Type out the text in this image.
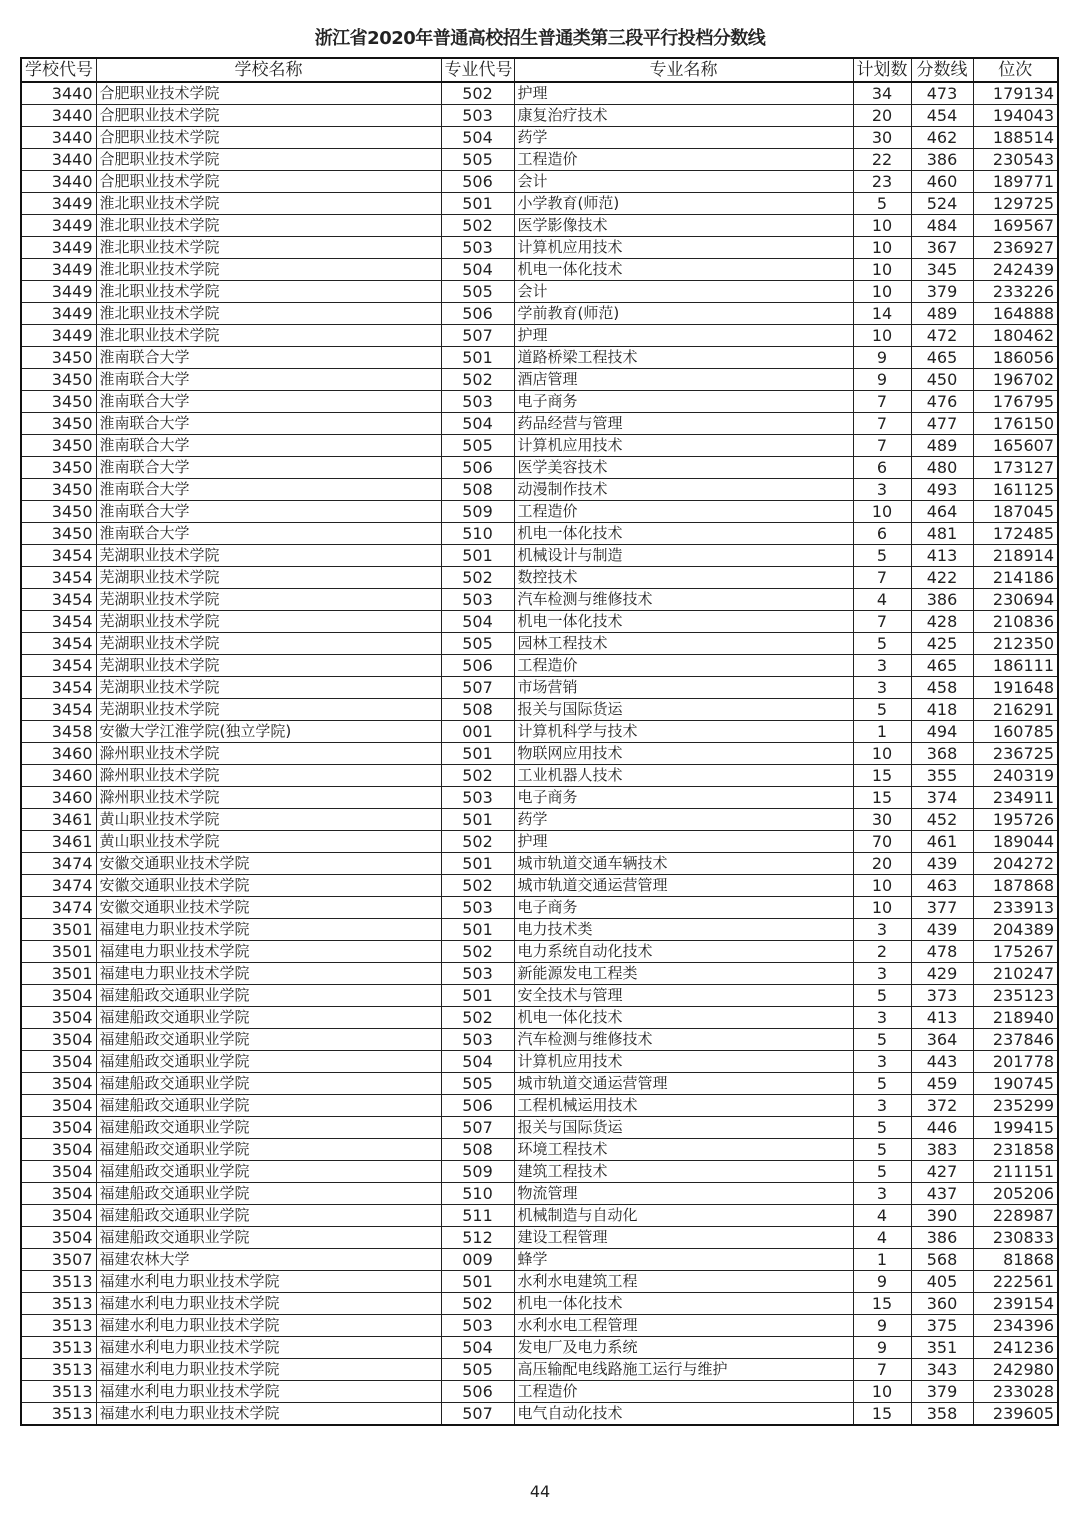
浙江省2020年普通高校招生普通类第三段平行投档分数线
学校代号	学校名称	专业代号	专业名称	计划数	分数线	位次
3440	合肥职业技术学院	502	护理	34	473	179134
3440	合肥职业技术学院	503	康复治疗技术	20	454	194043
3440	合肥职业技术学院	504	药学	30	462	188514
3440	合肥职业技术学院	505	工程造价	22	386	230543
3440	合肥职业技术学院	506	会计	23	460	189771
3449	淮北职业技术学院	501	小学教育(师范)	5	524	129725
3449	淮北职业技术学院	502	医学影像技术	10	484	169567
3449	淮北职业技术学院	503	计算机应用技术	10	367	236927
3449	淮北职业技术学院	504	机电一体化技术	10	345	242439
3449	淮北职业技术学院	505	会计	10	379	233226
3449	淮北职业技术学院	506	学前教育(师范)	14	489	164888
3449	淮北职业技术学院	507	护理	10	472	180462
3450	淮南联合大学	501	道路桥梁工程技术	9	465	186056
3450	淮南联合大学	502	酒店管理	9	450	196702
3450	淮南联合大学	503	电子商务	7	476	176795
3450	淮南联合大学	504	药品经营与管理	7	477	176150
3450	淮南联合大学	505	计算机应用技术	7	489	165607
3450	淮南联合大学	506	医学美容技术	6	480	173127
3450	淮南联合大学	508	动漫制作技术	3	493	161125
3450	淮南联合大学	509	工程造价	10	464	187045
3450	淮南联合大学	510	机电一体化技术	6	481	172485
3454	芜湖职业技术学院	501	机械设计与制造	5	413	218914
3454	芜湖职业技术学院	502	数控技术	7	422	214186
3454	芜湖职业技术学院	503	汽车检测与维修技术	4	386	230694
3454	芜湖职业技术学院	504	机电一体化技术	7	428	210836
3454	芜湖职业技术学院	505	园林工程技术	5	425	212350
3454	芜湖职业技术学院	506	工程造价	3	465	186111
3454	芜湖职业技术学院	507	市场营销	3	458	191648
3454	芜湖职业技术学院	508	报关与国际货运	5	418	216291
3458	安徽大学江淮学院(独立学院)	001	计算机科学与技术	1	494	160785
3460	滁州职业技术学院	501	物联网应用技术	10	368	236725
3460	滁州职业技术学院	502	工业机器人技术	15	355	240319
3460	滁州职业技术学院	503	电子商务	15	374	234911
3461	黄山职业技术学院	501	药学	30	452	195726
3461	黄山职业技术学院	502	护理	70	461	189044
3474	安徽交通职业技术学院	501	城市轨道交通车辆技术	20	439	204272
3474	安徽交通职业技术学院	502	城市轨道交通运营管理	10	463	187868
3474	安徽交通职业技术学院	503	电子商务	10	377	233913
3501	福建电力职业技术学院	501	电力技术类	3	439	204389
3501	福建电力职业技术学院	502	电力系统自动化技术	2	478	175267
3501	福建电力职业技术学院	503	新能源发电工程类	3	429	210247
3504	福建船政交通职业学院	501	安全技术与管理	5	373	235123
3504	福建船政交通职业学院	502	机电一体化技术	3	413	218940
3504	福建船政交通职业学院	503	汽车检测与维修技术	5	364	237846
3504	福建船政交通职业学院	504	计算机应用技术	3	443	201778
3504	福建船政交通职业学院	505	城市轨道交通运营管理	5	459	190745
3504	福建船政交通职业学院	506	工程机械运用技术	3	372	235299
3504	福建船政交通职业学院	507	报关与国际货运	5	446	199415
3504	福建船政交通职业学院	508	环境工程技术	5	383	231858
3504	福建船政交通职业学院	509	建筑工程技术	5	427	211151
3504	福建船政交通职业学院	510	物流管理	3	437	205206
3504	福建船政交通职业学院	511	机械制造与自动化	4	390	228987
3504	福建船政交通职业学院	512	建设工程管理	4	386	230833
3507	福建农林大学	009	蜂学	1	568	81868
3513	福建水利电力职业技术学院	501	水利水电建筑工程	9	405	222561
3513	福建水利电力职业技术学院	502	机电一体化技术	15	360	239154
3513	福建水利电力职业技术学院	503	水利水电工程管理	9	375	234396
3513	福建水利电力职业技术学院	504	发电厂及电力系统	9	351	241236
3513	福建水利电力职业技术学院	505	高压输配电线路施工运行与维护	7	343	242980
3513	福建水利电力职业技术学院	506	工程造价	10	379	233028
3513	福建水利电力职业技术学院	507	电气自动化技术	15	358	239605
44
